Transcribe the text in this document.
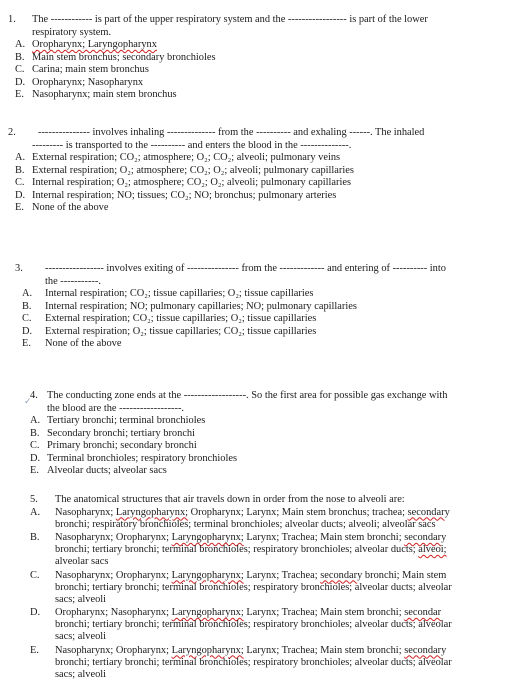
1. The ------------ is part of the upper respiratory system and the ----------------- is part of the lower
respiratory system.
A. Oropharynx; Laryngopharynx
B. Main stem bronchus; secondary bronchioles
C. Carina; main stem bronchus
D. Oropharynx; Nasopharynx
E. Nasopharynx; main stem bronchus
2. --------------- involves inhaling -------------- from the ---------- and exhaling ------. The inhaled
--------- is transported to the ---------- and enters the blood in the --------------.
A. External respiration; CO₂; atmosphere; O₂; CO₂; alveoli; pulmonary veins
B. External respiration; O₂; atmosphere; CO₂; O₂; alveoli; pulmonary capillaries
C. Internal respiration; O₂; atmosphere; CO₂; O₂; alveoli; pulmonary capillaries
D. Internal respiration; NO; tissues; CO₂; NO; bronchus; pulmonary arteries
E. None of the above
3. ----------------- involves exiting of --------------- from the ------------- and entering of ---------- into
the -----------.
A. Internal respiration; CO₂; tissue capillaries; O₂; tissue capillaries
B. Internal respiration; NO; pulmonary capillaries; NO; pulmonary capillaries
C. External respiration; CO₂; tissue capillaries; O₂; tissue capillaries
D. External respiration; O₂; tissue capillaries; CO₂; tissue capillaries
E. None of the above
4. The conducting zone ends at the ------------------. So the first area for possible gas exchange with
✓
the blood are the ------------------.
A. Tertiary bronchi; terminal bronchioles
B. Secondary bronchi; tertiary bronchi
C. Primary bronchi; secondary bronchi
D. Terminal bronchioles; respiratory bronchioles
E. Alveolar ducts; alveolar sacs
5. The anatomical structures that air travels down in order from the nose to alveoli are:
A. Nasopharynx; Laryngopharynx; Oropharynx; Larynx; Main stem bronchus; trachea; secondary
bronchi; respiratory bronchioles; terminal bronchioles; alveolar ducts; alveoli; alveolar sacs
B. Nasopharynx; Oropharynx; Laryngopharynx; Larynx; Trachea; Main stem bronchi; secondary
bronchi; tertiary bronchi; terminal bronchioles; respiratory bronchioles; alveolar ducts; alveoi;
alveolar sacs
C. Nasopharynx; Oropharynx; Laryngopharynx; Larynx; Trachea; secondary bronchi; Main stem
bronchi; tertiary bronchi; terminal bronchioles; respiratory bronchioles; alveolar ducts; alveolar
sacs; alveoli
D. Oropharynx; Nasopharynx; Laryngopharynx; Larynx; Trachea; Main stem bronchi; secondar
bronchi; tertiary bronchi; terminal bronchioles; respiratory bronchioles; alveolar ducts; alveolar
sacs; alveoli
E. Nasopharynx; Oropharynx; Laryngopharynx; Larynx; Trachea; Main stem bronchi; secondary
bronchi; tertiary bronchi; terminal bronchioles; respiratory bronchioles; alveolar ducts; alveolar
sacs; alveoli
